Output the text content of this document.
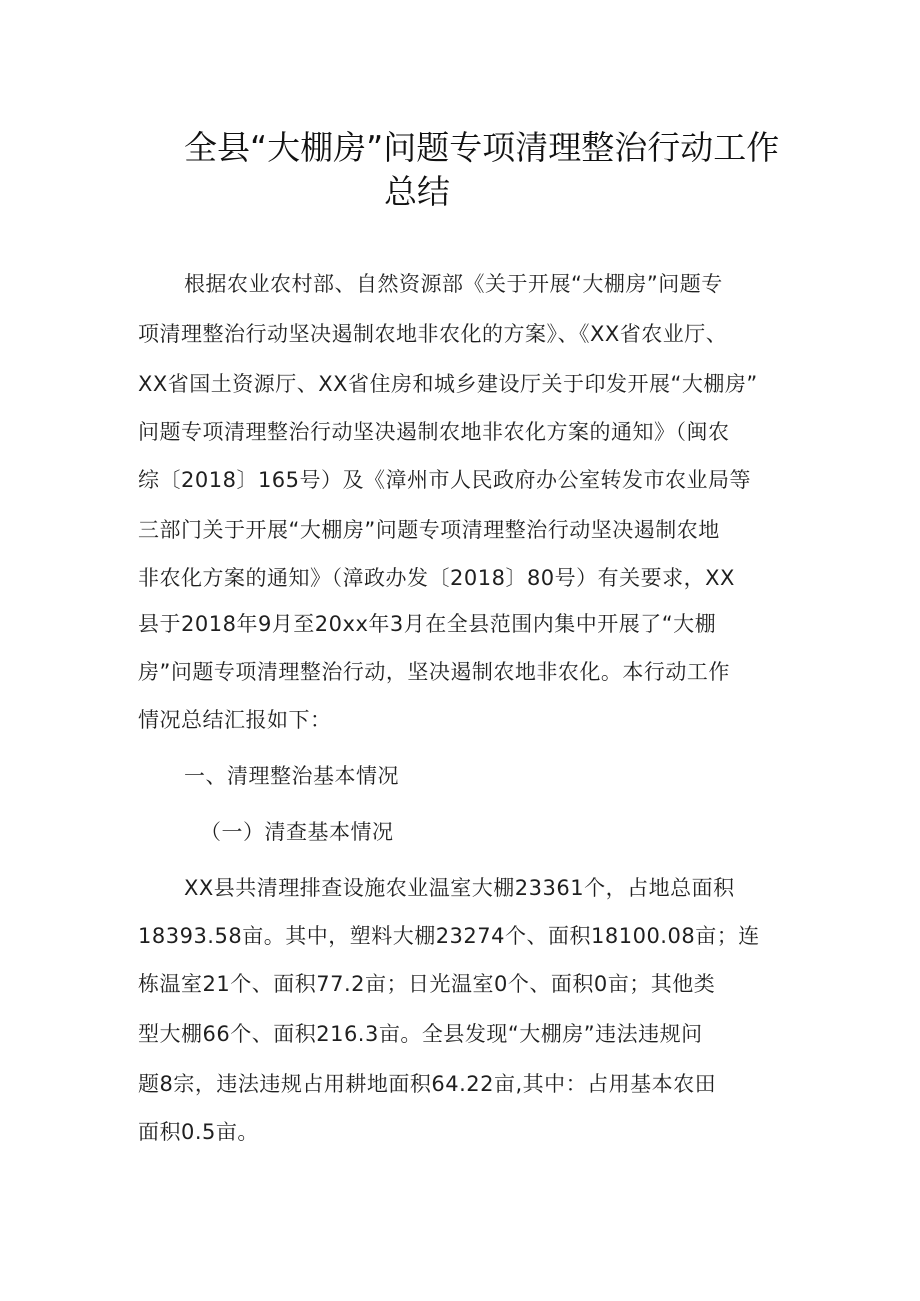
全县“大棚房”问题专项清理整治行动工作
总结
根据农业农村部、自然资源部《关于开展“大棚房”问题专
项清理整治行动坚决遏制农地非农化的方案》、《XX省农业厅、
XX省国土资源厅、XX省住房和城乡建设厅关于印发开展“大棚房”
问题专项清理整治行动坚决遏制农地非农化方案的通知》（闽农
综〔2018〕165号）及《漳州市人民政府办公室转发市农业局等
三部门关于开展“大棚房”问题专项清理整治行动坚决遏制农地
非农化方案的通知》（漳政办发〔2018〕80号）有关要求，XX
县于2018年9月至20xx年3月在全县范围内集中开展了“大棚
房”问题专项清理整治行动，坚决遏制农地非农化。本行动工作
情况总结汇报如下：
一、清理整治基本情况
（一）清查基本情况
XX县共清理排查设施农业温室大棚23361个，占地总面积
18393.58亩。其中，塑料大棚23274个、面积18100.08亩；连
栋温室21个、面积77.2亩；日光温室0个、面积0亩；其他类
型大棚66个、面积216.3亩。全县发现“大棚房”违法违规问
题8宗，违法违规占用耕地面积64.22亩,其中：占用基本农田
面积0.5亩。
